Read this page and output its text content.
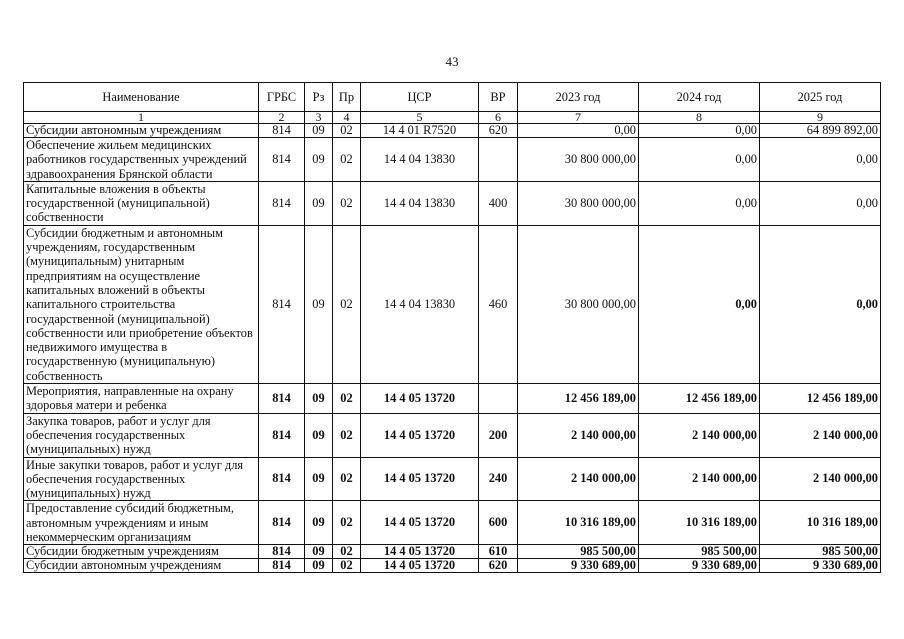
43
Наименование	ГРБС	Рз	Пр	ЦСР	ВР	2023 год	2024 год	2025 год
1	2	3	4	5	6	7	8	9
Субсидии автономным учреждениям	814	09	02	14 4 01 R7520	620	0,00	0,00	64 899 892,00
Обеспечение жильем медицинских работников государственных учреждений здравоохранения Брянской области	814	09	02	14 4 04 13830		30 800 000,00	0,00	0,00
Капитальные вложения в объекты государственной (муниципальной) собственности	814	09	02	14 4 04 13830	400	30 800 000,00	0,00	0,00
Субсидии бюджетным и автономным учреждениям, государственным (муниципальным) унитарным предприятиям на осуществление капитальных вложений в объекты капитального строительства государственной (муниципальной) собственности или приобретение объектов недвижимого имущества в государственную (муниципальную) собственность	814	09	02	14 4 04 13830	460	30 800 000,00	0,00	0,00
Мероприятия, направленные на охрану здоровья матери и ребенка	814	09	02	14 4 05 13720		12 456 189,00	12 456 189,00	12 456 189,00
Закупка товаров, работ и услуг для обеспечения государственных (муниципальных) нужд	814	09	02	14 4 05 13720	200	2 140 000,00	2 140 000,00	2 140 000,00
Иные закупки товаров, работ и услуг для обеспечения государственных (муниципальных) нужд	814	09	02	14 4 05 13720	240	2 140 000,00	2 140 000,00	2 140 000,00
Предоставление субсидий бюджетным, автономным учреждениям и иным некоммерческим организациям	814	09	02	14 4 05 13720	600	10 316 189,00	10 316 189,00	10 316 189,00
Субсидии бюджетным учреждениям	814	09	02	14 4 05 13720	610	985 500,00	985 500,00	985 500,00
Субсидии автономным учреждениям	814	09	02	14 4 05 13720	620	9 330 689,00	9 330 689,00	9 330 689,00
